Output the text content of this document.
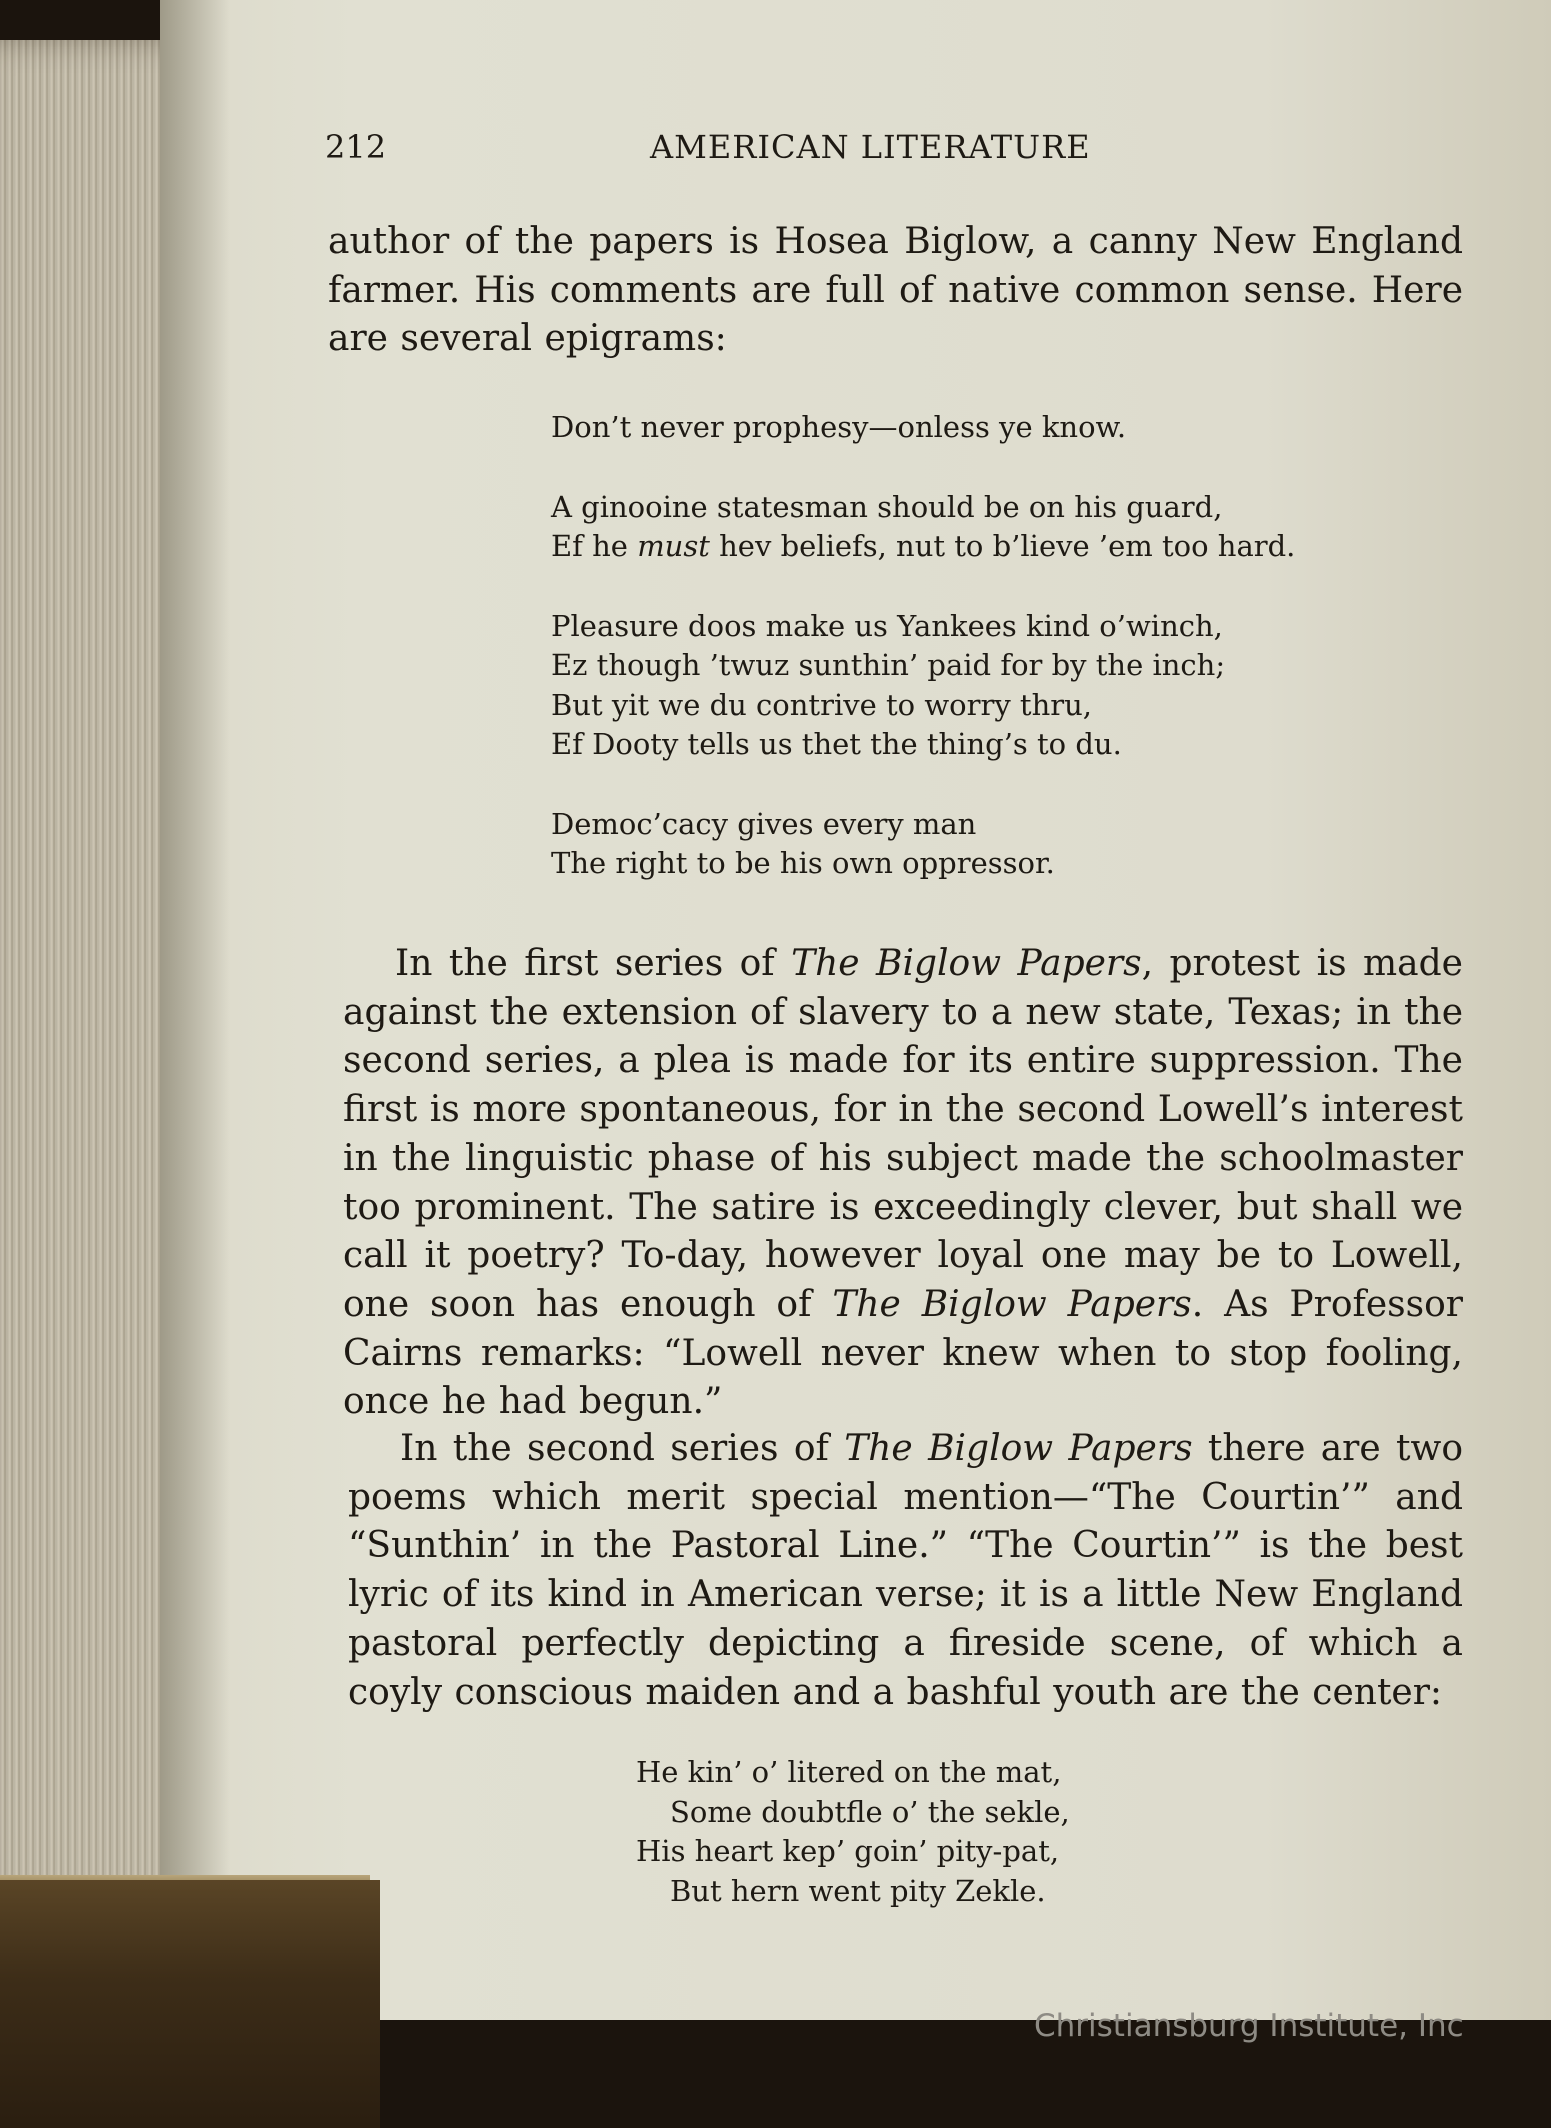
212	AMERICAN LITERATURE

author of the papers is Hosea Biglow, a canny New England farmer. His comments are full of native common sense. Here are several epigrams:

Don’t never prophesy—onless ye know.
A ginooine statesman should be on his guard,
Ef he must hev beliefs, nut to b’lieve ’em too hard.
Pleasure doos make us Yankees kind o’winch,
Ez though ’twuz sunthin’ paid for by the inch;
But yit we du contrive to worry thru,
Ef Dooty tells us thet the thing’s to du.
Democ’cacy gives every man
The right to be his own oppressor.

In the first series of The Biglow Papers, protest is made against the extension of slavery to a new state, Texas; in the second series, a plea is made for its entire suppression. The first is more spontaneous, for in the second Lowell’s interest in the linguistic phase of his subject made the schoolmaster too prominent. The satire is exceedingly clever, but shall we call it poetry? To-day, however loyal one may be to Lowell, one soon has enough of The Biglow Papers. As Professor Cairns remarks: “Lowell never knew when to stop fooling, once he had begun.”

In the second series of The Biglow Papers there are two poems which merit special mention—“The Courtin’” and “Sunthin’ in the Pastoral Line.” “The Courtin’” is the best lyric of its kind in American verse; it is a little New England pastoral perfectly depicting a fireside scene, of which a coyly conscious maiden and a bashful youth are the center:

He kin’ o’ litered on the mat,
Some doubtfle o’ the sekle,
His heart kep’ goin’ pity-pat,
But hern went pity Zekle.
Christiansburg Institute, Inc
